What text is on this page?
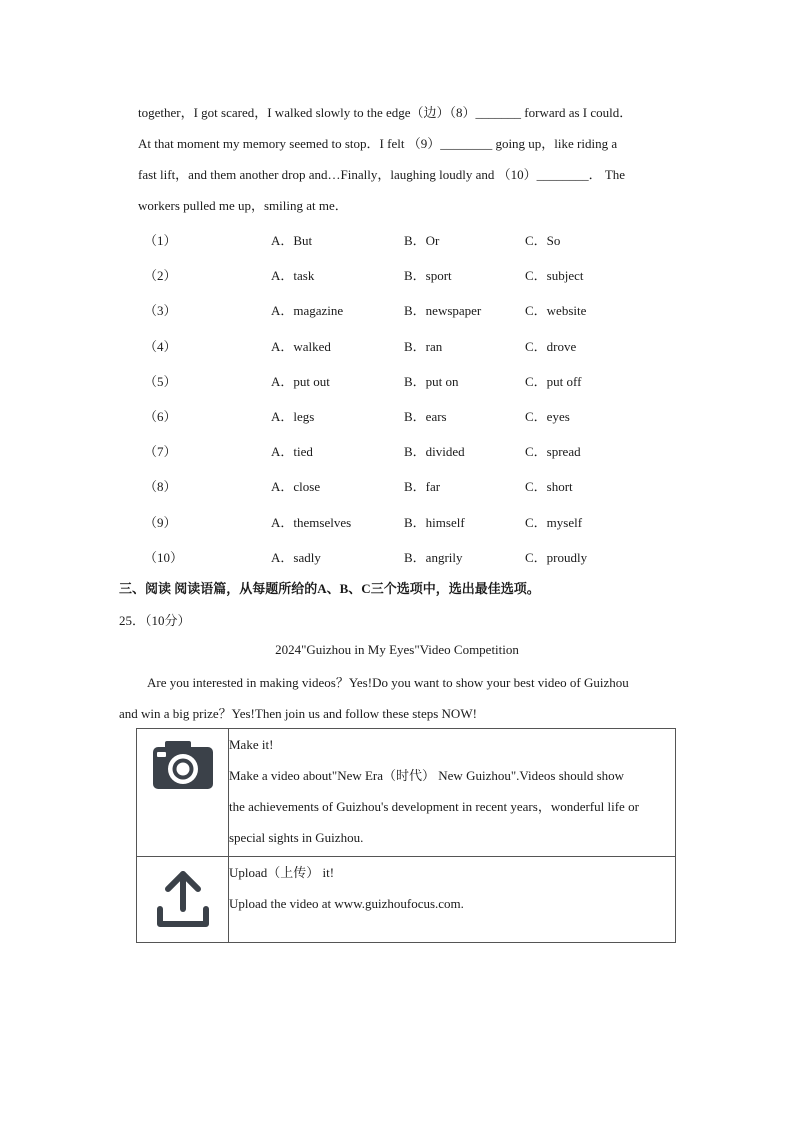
together，I got scared，I walked slowly to the edge（边）（8）_______ forward as I could．
At that moment my memory seemed to stop．I felt （9）________ going up，like riding a
fast lift，and them another drop and…Finally，laughing loudly and （10）________． The
workers pulled me up，smiling at me．
（1）	A．But	B．Or	C．So
（2）	A．task	B．sport	C．subject
（3）	A．magazine	B．newspaper	C．website
（4）	A．walked	B．ran	C．drove
（5）	A．put out	B．put on	C．put off
（6）	A．legs	B．ears	C．eyes
（7）	A．tied	B．divided	C．spread
（8）	A．close	B．far	C．short
（9）	A．themselves	B．himself	C．myself
（10）	A．sadly	B．angrily	C．proudly
三、阅读 阅读语篇，从每题所给的A、B、C三个选项中，选出最佳选项。
25．（10分）
2024"Guizhou in My Eyes"Video Competition
Are you interested in making videos？Yes!Do you want to show your best video of Guizhou
and win a big prize？Yes!Then join us and follow these steps NOW!

Make it!
Make a video about"New Era（时代） New Guizhou".Videos should show
the achievements of Guizhou's development in recent years，wonderful life or
special sights in Guizhou.

Upload（上传） it!
Upload the video at www.guizhoufocus.com.
